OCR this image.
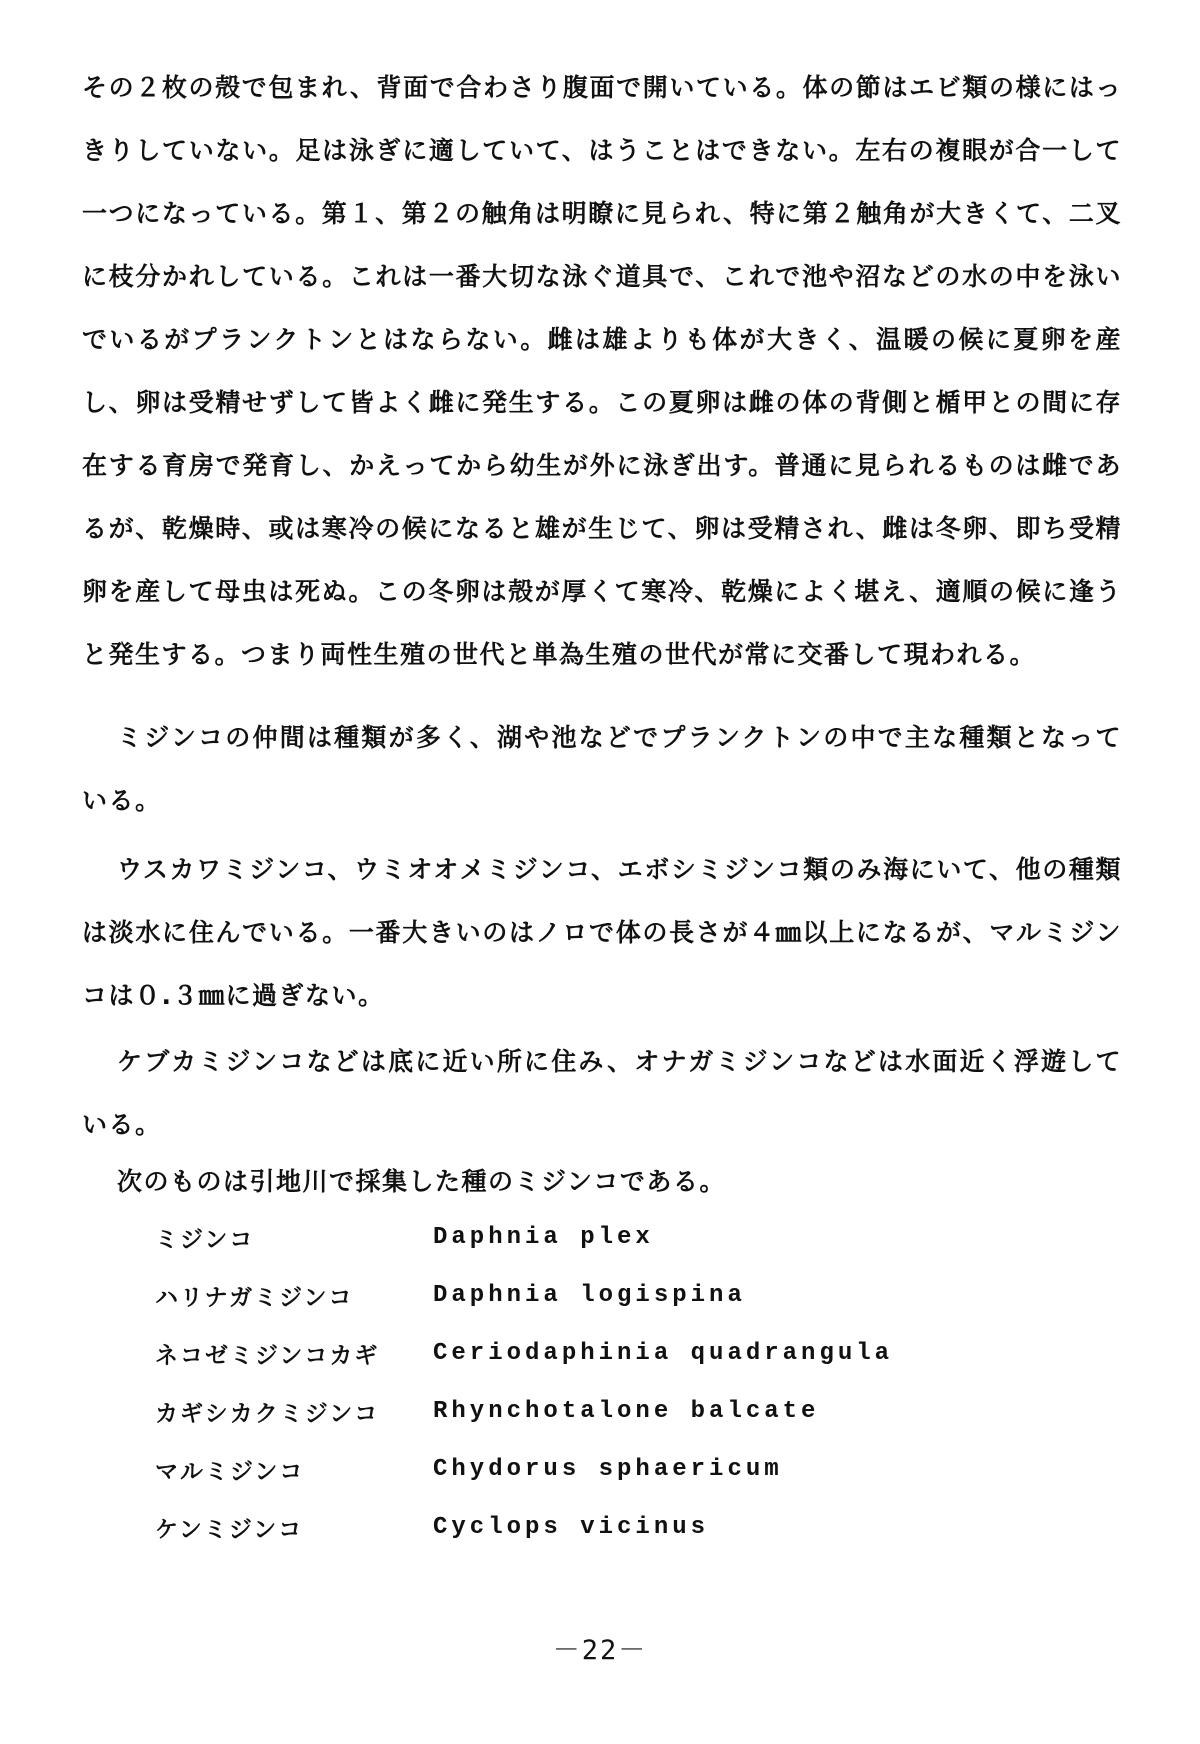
その２枚の殻で包まれ、背面で合わさり腹面で開いている。体の節はエビ類の様にはっきりしていない。足は泳ぎに適していて、はうことはできない。左右の複眼が合一して一つになっている。第１、第２の触角は明瞭に見られ、特に第２触角が大きくて、二叉に枝分かれしている。これは一番大切な泳ぐ道具で、これで池や沼などの水の中を泳いでいるがプランクトンとはならない。雌は雄よりも体が大きく、温暖の候に夏卵を産し、卵は受精せずして皆よく雌に発生する。この夏卵は雌の体の背側と楯甲との間に存在する育房で発育し、かえってから幼生が外に泳ぎ出す。普通に見られるものは雌であるが、乾燥時、或は寒冷の候になると雄が生じて、卵は受精され、雌は冬卵、即ち受精卵を産して母虫は死ぬ。この冬卵は殻が厚くて寒冷、乾燥によく堪え、適順の候に逢うと発生する。つまり両性生殖の世代と単為生殖の世代が常に交番して現われる。

ミジンコの仲間は種類が多く、湖や池などでプランクトンの中で主な種類となっている。

ウスカワミジンコ、ウミオオメミジンコ、エボシミジンコ類のみ海にいて、他の種類は淡水に住んでいる。一番大きいのはノロで体の長さが４㎜以上になるが、マルミジンコは０.３㎜に過ぎない。

ケブカミジンコなどは底に近い所に住み、オナガミジンコなどは水面近く浮遊している。

次のものは引地川で採集した種のミジンコである。

ミジンコ	Daphnia plex
ハリナガミジンコ	Daphnia logispina
ネコゼミジンコカギ	Ceriodaphinia quadrangula
カギシカクミジンコ	Rhynchotalone balcate
マルミジンコ	Chydorus sphaericum
ケンミジンコ	Cyclops vicinus
－22－
